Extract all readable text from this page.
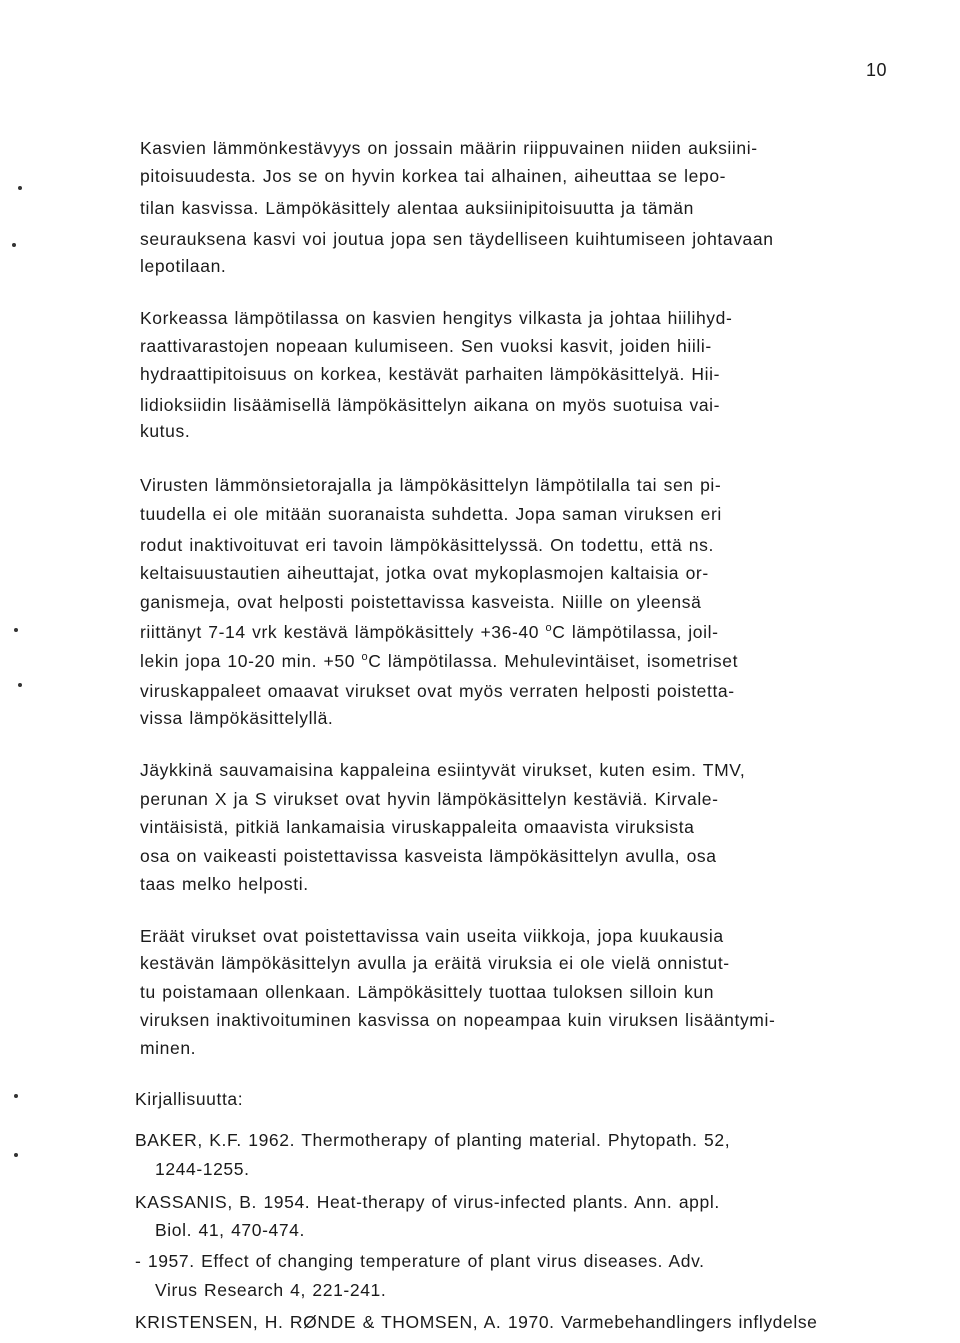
10
Kasvien lämmönkestävyys on jossain määrin riippuvainen niiden auksiini-
pitoisuudesta. Jos se on hyvin korkea tai alhainen, aiheuttaa se lepo-
tilan kasvissa. Lämpökäsittely alentaa auksiinipitoisuutta ja tämän
seurauksena kasvi voi joutua jopa sen täydelliseen kuihtumiseen johtavaan
lepotilaan.
Korkeassa lämpötilassa on kasvien hengitys vilkasta ja johtaa hiilihyd-
raattivarastojen nopeaan kulumiseen. Sen vuoksi kasvit, joiden hiili-
hydraattipitoisuus on korkea, kestävät parhaiten lämpökäsittelyä. Hii-
lidioksiidin lisäämisellä lämpökäsittelyn aikana on myös suotuisa vai-
kutus.
Virusten lämmönsietorajalla ja lämpökäsittelyn lämpötilalla tai sen pi-
tuudella ei ole mitään suoranaista suhdetta. Jopa saman viruksen eri
rodut inaktivoituvat eri tavoin lämpökäsittelyssä. On todettu, että ns.
keltaisuustautien aiheuttajat, jotka ovat mykoplasmojen kaltaisia or-
ganismeja, ovat helposti poistettavissa kasveista. Niille on yleensä
riittänyt 7-14 vrk kestävä lämpökäsittely +36-40 $^o$C lämpötilassa, joil-
lekin jopa 10-20 min. +50 $^o$C lämpötilassa. Mehulevintäiset, isometriset
viruskappaleet omaavat virukset ovat myös verraten helposti poistetta-
vissa lämpökäsittelyllä.
Jäykkinä sauvamaisina kappaleina esiintyvät virukset, kuten esim. TMV,
perunan X ja S virukset ovat hyvin lämpökäsittelyn kestäviä. Kirvale-
vintäisistä, pitkiä lankamaisia viruskappaleita omaavista viruksista
osa on vaikeasti poistettavissa kasveista lämpökäsittelyn avulla, osa
taas melko helposti.
Eräät virukset ovat poistettavissa vain useita viikkoja, jopa kuukausia
kestävän lämpökäsittelyn avulla ja eräitä viruksia ei ole vielä onnistut-
tu poistamaan ollenkaan. Lämpökäsittely tuottaa tuloksen silloin kun
viruksen inaktivoituminen kasvissa on nopeampaa kuin viruksen lisääntymi-
minen.
Kirjallisuutta:
BAKER, K.F. 1962. Thermotherapy of planting material. Phytopath. 52,
1244-1255.
KASSANIS, B. 1954. Heat-therapy of virus-infected plants. Ann. appl.
Biol. 41, 470-474.
- 1957. Effect of changing temperature of plant virus diseases. Adv.
Virus Research 4, 221-241.
KRISTENSEN, H. RØNDE & THOMSEN, A. 1970. Varmebehandlingers inflydelse
